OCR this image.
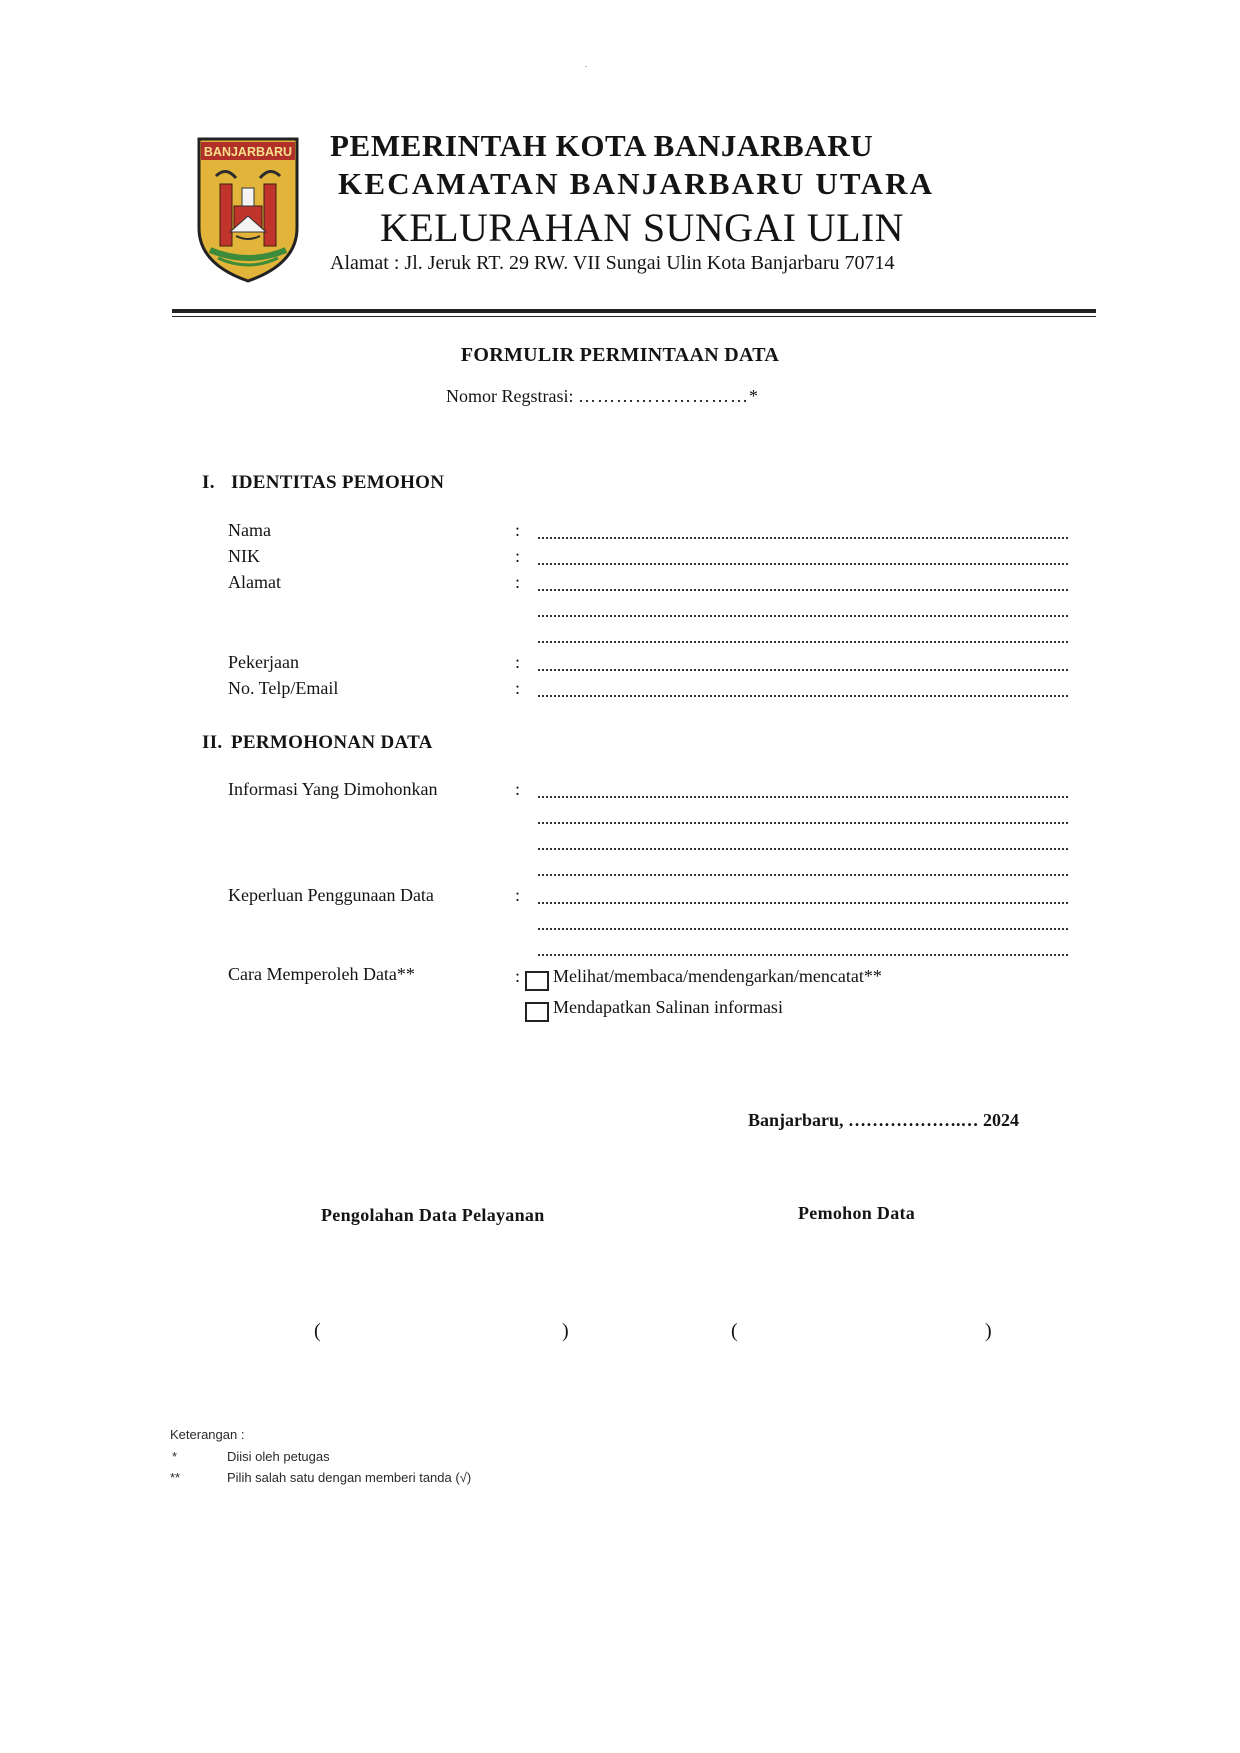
BANJARBARU PEMERINTAH KOTA BANJARBARU
KECAMATAN BANJARBARU UTARA
KELURAHAN SUNGAI ULIN
Alamat : Jl. Jeruk RT. 29 RW. VII Sungai Ulin Kota Banjarbaru 70714
FORMULIR PERMINTAAN DATA
Nomor Regstrasi: ………………………*
I. IDENTITAS PEMOHON
Nama	:
NIK	:
Alamat	:
Pekerjaan	:
No. Telp/Email	:
II. PERMOHONAN DATA
Informasi Yang Dimohonkan	:
Keperluan Penggunaan Data	:
Cara Memperoleh Data**	: Melihat/membaca/mendengarkan/mencatat**
Mendapatkan Salinan informasi
Banjarbaru, ……………….… 2024
Pengolahan Data Pelayanan	Pemohon Data
(	)	(	)
Keterangan :
*	Diisi oleh petugas
**	Pilih salah satu dengan memberi tanda (√)
